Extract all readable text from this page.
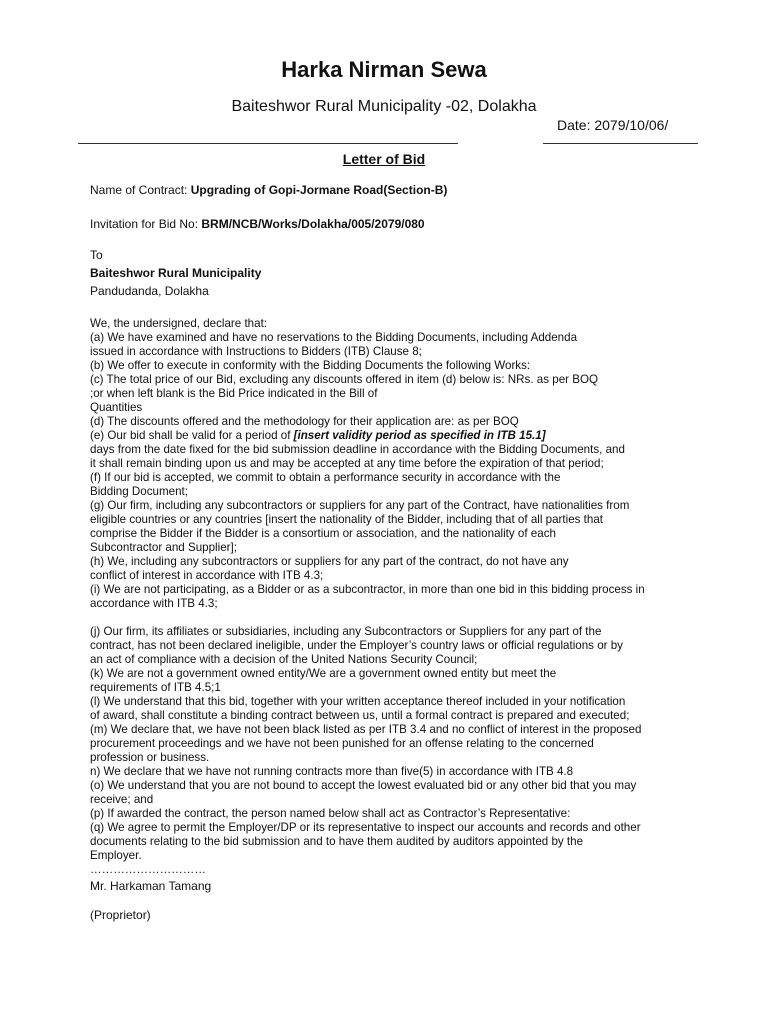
Harka Nirman Sewa
Baiteshwor Rural Municipality -02, Dolakha
Date: 2079/10/06/
Letter of Bid
Name of Contract: Upgrading of Gopi-Jormane Road(Section-B)
Invitation for Bid No: BRM/NCB/Works/Dolakha/005/2079/080
To
Baiteshwor Rural Municipality
Pandudanda, Dolakha
We, the undersigned, declare that:
(a) We have examined and have no reservations to the Bidding Documents, including Addenda
issued in accordance with Instructions to Bidders (ITB) Clause 8;
(b) We offer to execute in conformity with the Bidding Documents the following Works:
(c) The total price of our Bid, excluding any discounts offered in item (d) below is: NRs. as per BOQ
;or when left blank is the Bid Price indicated in the Bill of
Quantities
(d) The discounts offered and the methodology for their application are: as per BOQ
(e) Our bid shall be valid for a period of [insert validity period as specified in ITB 15.1]
days from the date fixed for the bid submission deadline in accordance with the Bidding Documents, and
it shall remain binding upon us and may be accepted at any time before the expiration of that period;
(f) If our bid is accepted, we commit to obtain a performance security in accordance with the
Bidding Document;
(g) Our firm, including any subcontractors or suppliers for any part of the Contract, have nationalities from
eligible countries or any countries [insert the nationality of the Bidder, including that of all parties that
comprise the Bidder if the Bidder is a consortium or association, and the nationality of each
Subcontractor and Supplier];
(h) We, including any subcontractors or suppliers for any part of the contract, do not have any
conflict of interest in accordance with ITB 4.3;
(i) We are not participating, as a Bidder or as a subcontractor, in more than one bid in this bidding process in
accordance with ITB 4.3;
(j) Our firm, its affiliates or subsidiaries, including any Subcontractors or Suppliers for any part of the
contract, has not been declared ineligible, under the Employer’s country laws or official regulations or by
an act of compliance with a decision of the United Nations Security Council;
(k) We are not a government owned entity/We are a government owned entity but meet the
requirements of ITB 4.5;1
(l) We understand that this bid, together with your written acceptance thereof included in your notification
of award, shall constitute a binding contract between us, until a formal contract is prepared and executed;
(m) We declare that, we have not been black listed as per ITB 3.4 and no conflict of interest in the proposed
procurement proceedings and we have not been punished for an offense relating to the concerned
profession or business.
n) We declare that we have not running contracts more than five(5) in accordance with ITB 4.8
(o) We understand that you are not bound to accept the lowest evaluated bid or any other bid that you may
receive; and
(p) If awarded the contract, the person named below shall act as Contractor’s Representative:
(q) We agree to permit the Employer/DP or its representative to inspect our accounts and records and other
documents relating to the bid submission and to have them audited by auditors appointed by the
Employer.
…………………………
Mr. Harkaman Tamang
(Proprietor)
